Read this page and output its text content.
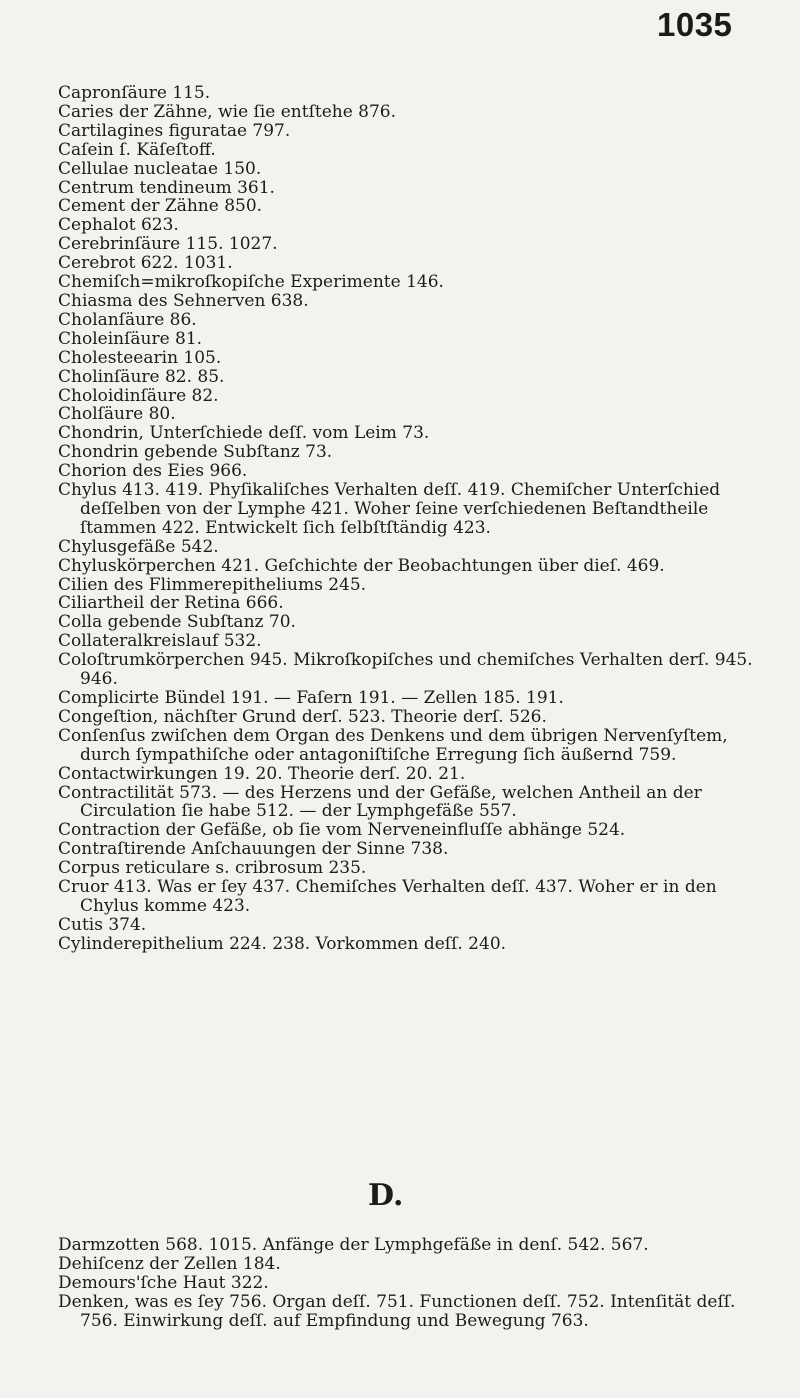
1035
Capronſäure 115.
Caries der Zähne, wie ſie entſtehe 876.
Cartilagines figuratae 797.
Caſein ſ. Käſeſtoff.
Cellulae nucleatae 150.
Centrum tendineum 361.
Cement der Zähne 850.
Cephalot 623.
Cerebrinſäure 115. 1027.
Cerebrot 622. 1031.
Chemiſch=mikroſkopiſche Experimente 146.
Chiasma des Sehnerven 638.
Cholanſäure 86.
Choleinſäure 81.
Cholesteearin 105.
Cholinſäure 82. 85.
Choloidinſäure 82.
Cholſäure 80.
Chondrin, Unterſchiede deſſ. vom Leim 73.
Chondrin gebende Subſtanz 73.
Chorion des Eies 966.
Chylus 413. 419. Phyſikaliſches Verhalten deſſ. 419. Chemiſcher Unterſchied deſſelben von der Lymphe 421. Woher ſeine verſchiedenen Beſtandtheile ſtammen 422. Entwickelt ſich ſelbſtſtändig 423.
Chylusgefäße 542.
Chyluskörperchen 421. Geſchichte der Beobachtungen über dieſ. 469.
Cilien des Flimmerepitheliums 245.
Ciliartheil der Retina 666.
Colla gebende Subſtanz 70.
Collateralkreislauf 532.
Coloſtrumkörperchen 945. Mikroſkopiſches und chemiſches Verhalten derſ. 945. 946.
Complicirte Bündel 191. — Faſern 191. — Zellen 185. 191.
Congeſtion, nächſter Grund derſ. 523. Theorie derſ. 526.
Conſenſus zwiſchen dem Organ des Denkens und dem übrigen Nervenſyſtem, durch ſympathiſche oder antagoniſtiſche Erregung ſich äußernd 759.
Contactwirkungen 19. 20. Theorie derſ. 20. 21.
Contractilität 573. — des Herzens und der Gefäße, welchen Antheil an der Circulation ſie habe 512. — der Lymphgefäße 557.
Contraction der Gefäße, ob ſie vom Nerveneinfluſſe abhänge 524.
Contraſtirende Anſchauungen der Sinne 738.
Corpus reticulare s. cribrosum 235.
Cruor 413. Was er ſey 437. Chemiſches Verhalten deſſ. 437. Woher er in den Chylus komme 423.
Cutis 374.
Cylinderepithelium 224. 238. Vorkommen deſſ. 240.
D.
Darmzotten 568. 1015. Anfänge der Lymphgefäße in denſ. 542. 567.
Dehiſcenz der Zellen 184.
Demours'ſche Haut 322.
Denken, was es ſey 756. Organ deſſ. 751. Functionen deſſ. 752. Intenſität deſſ. 756. Einwirkung deſſ. auf Empfindung und Bewegung 763.
